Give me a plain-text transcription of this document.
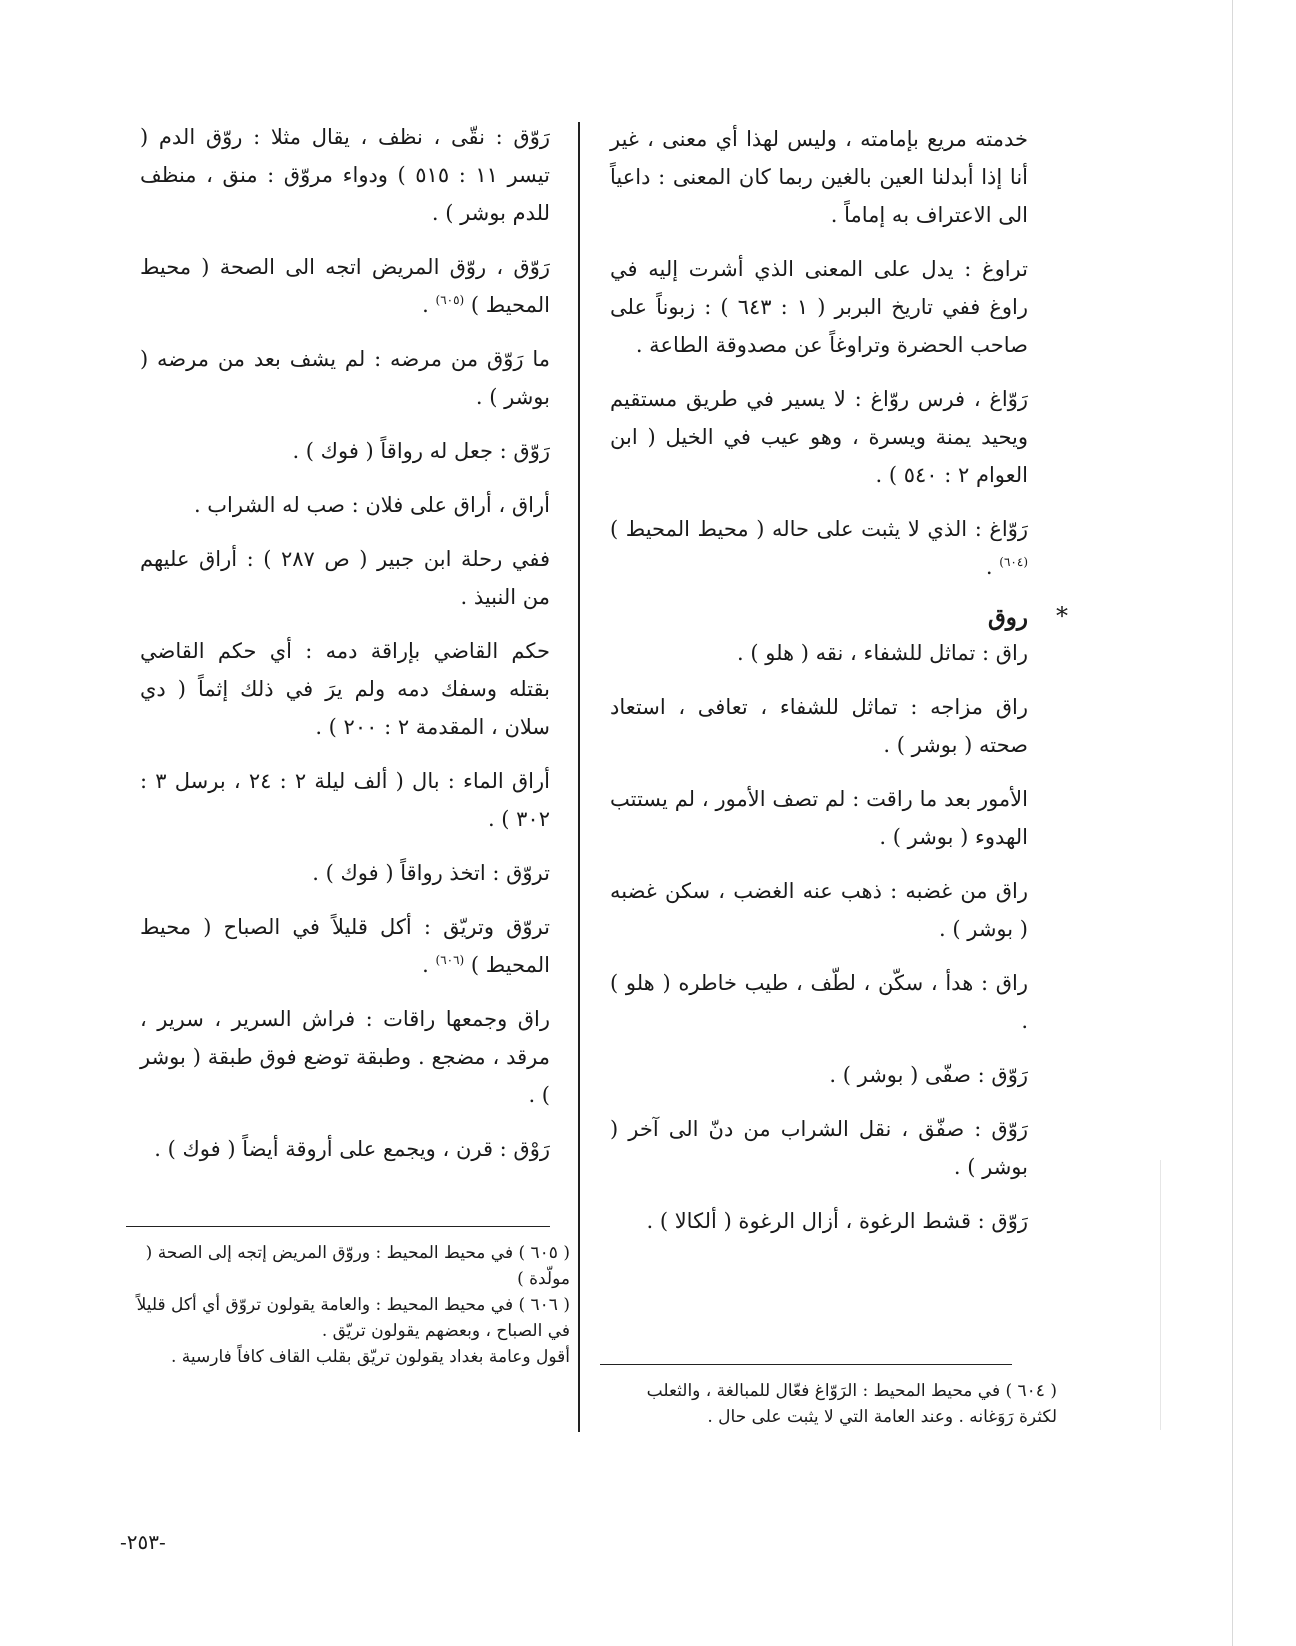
خدمته مريع بإمامته ، وليس لهذا أي معنى ، غير أنا إذا أبدلنا العين بالغين ربما كان المعنى : داعياً الى الاعتراف به إماماً .

تراوغ : يدل على المعنى الذي أشرت إليه في راوغ ففي تاريخ البربر ( ١ : ٦٤٣ ) : زبوناً على صاحب الحضرة وتراوغاً عن مصدوقة الطاعة .

رَوّاغ ، فرس روّاغ : لا يسير في طريق مستقيم ويحيد يمنة ويسرة ، وهو عيب في الخيل ( ابن العوام ٢ : ٥٤٠ ) .

رَوّاغ : الذي لا يثبت على حاله ( محيط المحيط ) $^{(٦٠٤)}$ .

*

روق

راق : تماثل للشفاء ، نقه ( هلو ) .

راق مزاجه : تماثل للشفاء ، تعافى ، استعاد صحته ( بوشر ) .

الأمور بعد ما راقت : لم تصف الأمور ، لم يستتب الهدوء ( بوشر ) .

راق من غضبه : ذهب عنه الغضب ، سكن غضبه ( بوشر ) .

راق : هدأ ، سكّن ، لطّف ، طيب خاطره ( هلو ) .

رَوّق : صفّى ( بوشر ) .

رَوّق : صفّق ، نقل الشراب من دنّ الى آخر ( بوشر ) .

رَوّق : قشط الرغوة ، أزال الرغوة ( ألكالا ) .

رَوّق : نقّى ، نظف ، يقال مثلا : روّق الدم ( تيسر ١١ : ٥١٥ ) ودواء مروّق : منق ، منظف للدم بوشر ) .

رَوّق ، روّق المريض اتجه الى الصحة ( محيط المحيط ) $^{(٦٠٥)}$ .

ما رَوّق من مرضه : لم يشف بعد من مرضه ( بوشر ) .

رَوّق : جعل له رواقاً ( فوك ) .

أراق ، أراق على فلان : صب له الشراب .

ففي رحلة ابن جبير ( ص ٢٨٧ ) : أراق عليهم من النبيذ .

حكم القاضي بإراقة دمه : أي حكم القاضي بقتله وسفك دمه ولم يرَ في ذلك إثماً ( دي سلان ، المقدمة ٢ : ٢٠٠ ) .

أراق الماء : بال ( ألف ليلة ٢ : ٢٤ ، برسل ٣ : ٣٠٢ ) .

تروّق : اتخذ رواقاً ( فوك ) .

تروّق وتريّق : أكل قليلاً في الصباح ( محيط المحيط ) $^{(٦٠٦)}$ .

راق وجمعها راقات : فراش السرير ، سرير ، مرقد ، مضجع . وطبقة توضع فوق طبقة ( بوشر ) .

رَوْق : قرن ، ويجمع على أروقة أيضاً ( فوك ) .

( ٦٠٥ ) في محيط المحيط : وروّق المريض إتجه إلى الصحة ( مولّدة )

( ٦٠٦ ) في محيط المحيط : والعامة يقولون تروّق أي أكل قليلاً في الصباح ، وبعضهم يقولون تريّق .

أقول وعامة بغداد يقولون تريّق بقلب القاف كافاً فارسية .

( ٦٠٤ ) في محيط المحيط : الرَوّاغ فعّال للمبالغة ، والثعلب لكثرة رَوَغانه . وعند العامة التي لا يثبت على حال .

-٢٥٣-
